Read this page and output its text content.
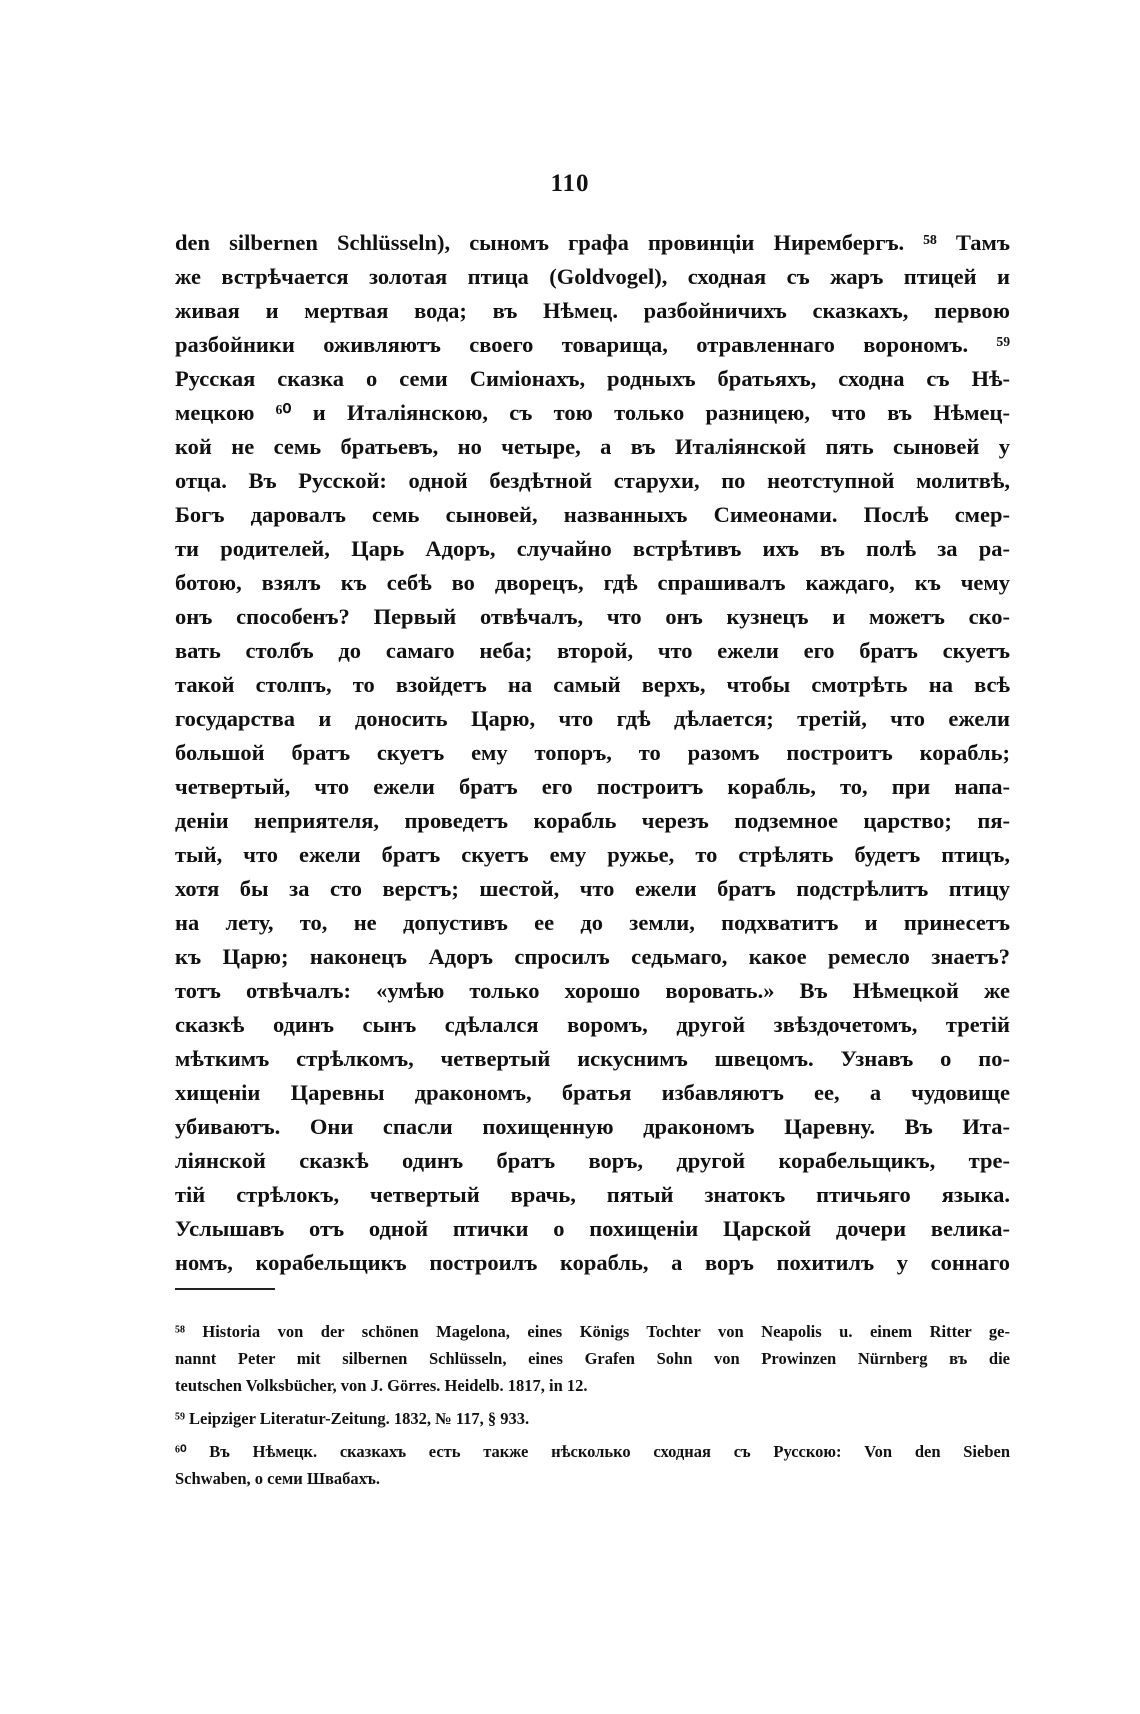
110
den silbernen Schlüsseln), сыномъ графа провинціи Нирембергъ. ⁵⁸ Тамъ
же встрѣчается золотая птица (Goldvogel), сходная съ жаръ птицей и
живая и мертвая вода; въ Нѣмец. разбойничихъ сказкахъ, первою
разбойники оживляютъ своего товарища, отравленнаго ворономъ. ⁵⁹
Русская сказка о семи Симіонахъ, родныхъ братьяхъ, сходна съ Нѣ-
мецкою ⁶⁰ и Италіянскою, съ тою только разницею, что въ Нѣмец-
кой не семь братьевъ, но четыре, а въ Италіянской пять сыновей у
отца. Въ Русской: одной бездѣтной старухи, по неотступной молитвѣ,
Богъ даровалъ семь сыновей, названныхъ Симеонами. Послѣ смер-
ти родителей, Царь Адоръ, случайно встрѣтивъ ихъ въ полѣ за ра-
ботою, взялъ къ себѣ во дворецъ, гдѣ спрашивалъ каждаго, къ чему
онъ способенъ? Первый отвѣчалъ, что онъ кузнецъ и можетъ ско-
вать столбъ до самаго неба; второй, что ежели его братъ скуетъ
такой столпъ, то взойдетъ на самый верхъ, чтобы смотрѣть на всѣ
государства и доносить Царю, что гдѣ дѣлается; третій, что ежели
большой братъ скуетъ ему топоръ, то разомъ построитъ корабль;
четвертый, что ежели братъ его построитъ корабль, то, при напа-
деніи неприятеля, проведетъ корабль черезъ подземное царство; пя-
тый, что ежели братъ скуетъ ему ружье, то стрѣлять будетъ птицъ,
хотя бы за сто верстъ; шестой, что ежели братъ подстрѣлитъ птицу
на лету, то, не допустивъ ее до земли, подхватитъ и принесетъ
къ Царю; наконецъ Адоръ спросилъ седьмаго, какое ремесло знаетъ?
тотъ отвѣчалъ: «умѣю только хорошо воровать.» Въ Нѣмецкой же
сказкѣ одинъ сынъ сдѣлался воромъ, другой звѣздочетомъ, третій
мѣткимъ стрѣлкомъ, четвертый искуснимъ швецомъ. Узнавъ о по-
хищеніи Царевны дракономъ, братья избавляютъ ее, а чудовище
убиваютъ. Они спасли похищенную дракономъ Царевну. Въ Ита-
ліянской сказкѣ одинъ братъ воръ, другой корабельщикъ, тре-
тій стрѣлокъ, четвертый врачь, пятый знатокъ птичьяго языка.
Услышавъ отъ одной птички о похищеніи Царской дочери велика-
номъ, корабельщикъ построилъ корабль, а воръ похитилъ у соннаго
⁵⁸ Historia von der schönen Magelona, eines Königs Tochter von Neapolis u. einem Ritter ge-
nannt Peter mit silbernen Schlüsseln, eines Grafen Sohn von Prowinzen Nürnberg въ die
teutschen Volksbücher, von J. Görres. Heidelb. 1817, in 12.
⁵⁹ Leipziger Literatur-Zeitung. 1832, № 117, § 933.
⁶⁰ Въ Нѣмецк. сказкахъ есть также нѣсколько сходная съ Русскою: Von den Sieben
Schwaben, о семи Швабахъ.
